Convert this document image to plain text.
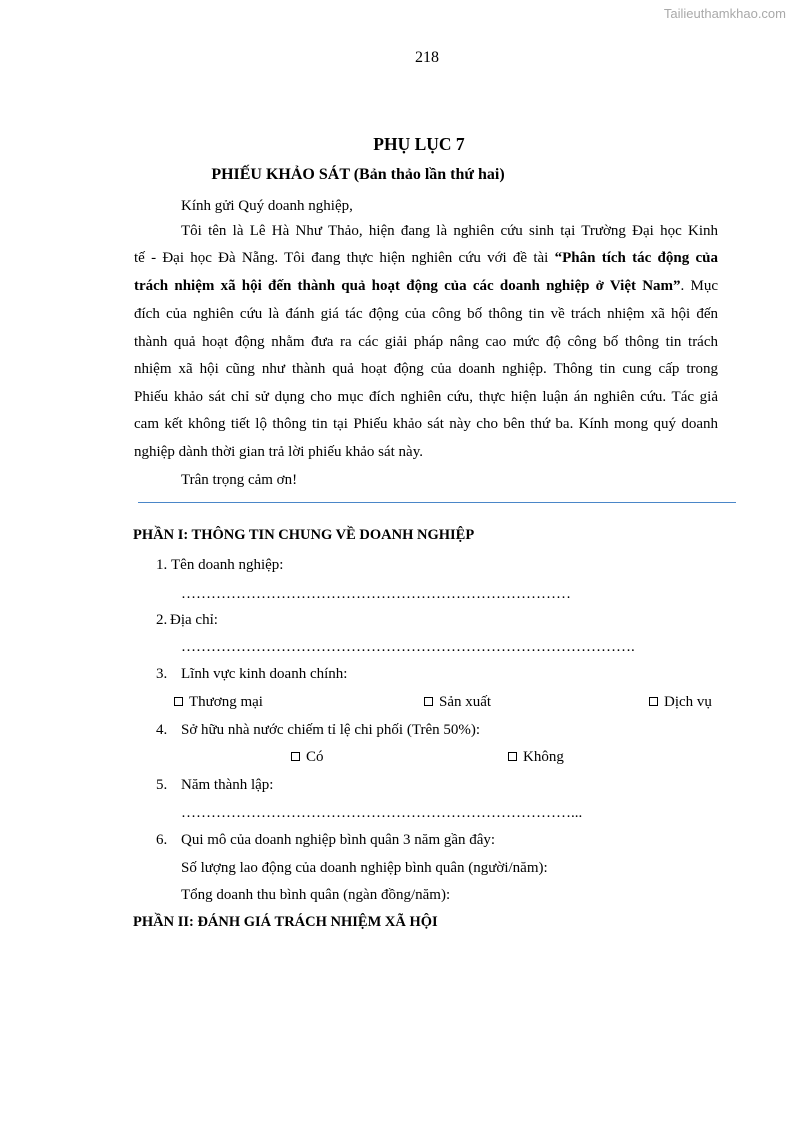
Tailieuthamkhao.com
218
PHỤ LỤC 7
PHIẾU KHẢO SÁT (Bản thảo lần thứ hai)
Kính gửi Quý doanh nghiệp,
Tôi tên là Lê Hà Như Thảo, hiện đang là nghiên cứu sinh tại Trường Đại học Kinh
tế - Đại học Đà Nẵng. Tôi đang thực hiện nghiên cứu với đề tài “Phân tích tác động của
trách nhiệm xã hội đến thành quả hoạt động của các doanh nghiệp ở Việt Nam”. Mục
đích của nghiên cứu là đánh giá tác động của công bố thông tin về trách nhiệm xã hội đến
thành quả hoạt động nhằm đưa ra các giải pháp nâng cao mức độ công bố thông tin trách
nhiệm xã hội cũng như thành quả hoạt động của doanh nghiệp. Thông tin cung cấp trong
Phiếu khảo sát chỉ sử dụng cho mục đích nghiên cứu, thực hiện luận án nghiên cứu. Tác giả
cam kết không tiết lộ thông tin tại Phiếu khảo sát này cho bên thứ ba. Kính mong quý doanh
nghiệp dành thời gian trả lời phiếu khảo sát này.
Trân trọng cảm ơn!
PHẦN I: THÔNG TIN CHUNG VỀ DOANH NGHIỆP
1. Tên doanh nghiệp:
……………………………………………………………………
2. Địa chỉ:
……………………………………………………………………………….
3. Lĩnh vực kinh doanh chính:
Thương mại	Sản xuất	Dịch vụ
4. Sở hữu nhà nước chiếm tỉ lệ chi phối (Trên 50%):
Có	Không
5. Năm thành lập:
……………………………………………………………………...
6. Qui mô của doanh nghiệp bình quân 3 năm gần đây:
Số lượng lao động của doanh nghiệp bình quân (người/năm):
Tổng doanh thu bình quân (ngàn đồng/năm):
PHẦN II: ĐÁNH GIÁ TRÁCH NHIỆM XÃ HỘI
